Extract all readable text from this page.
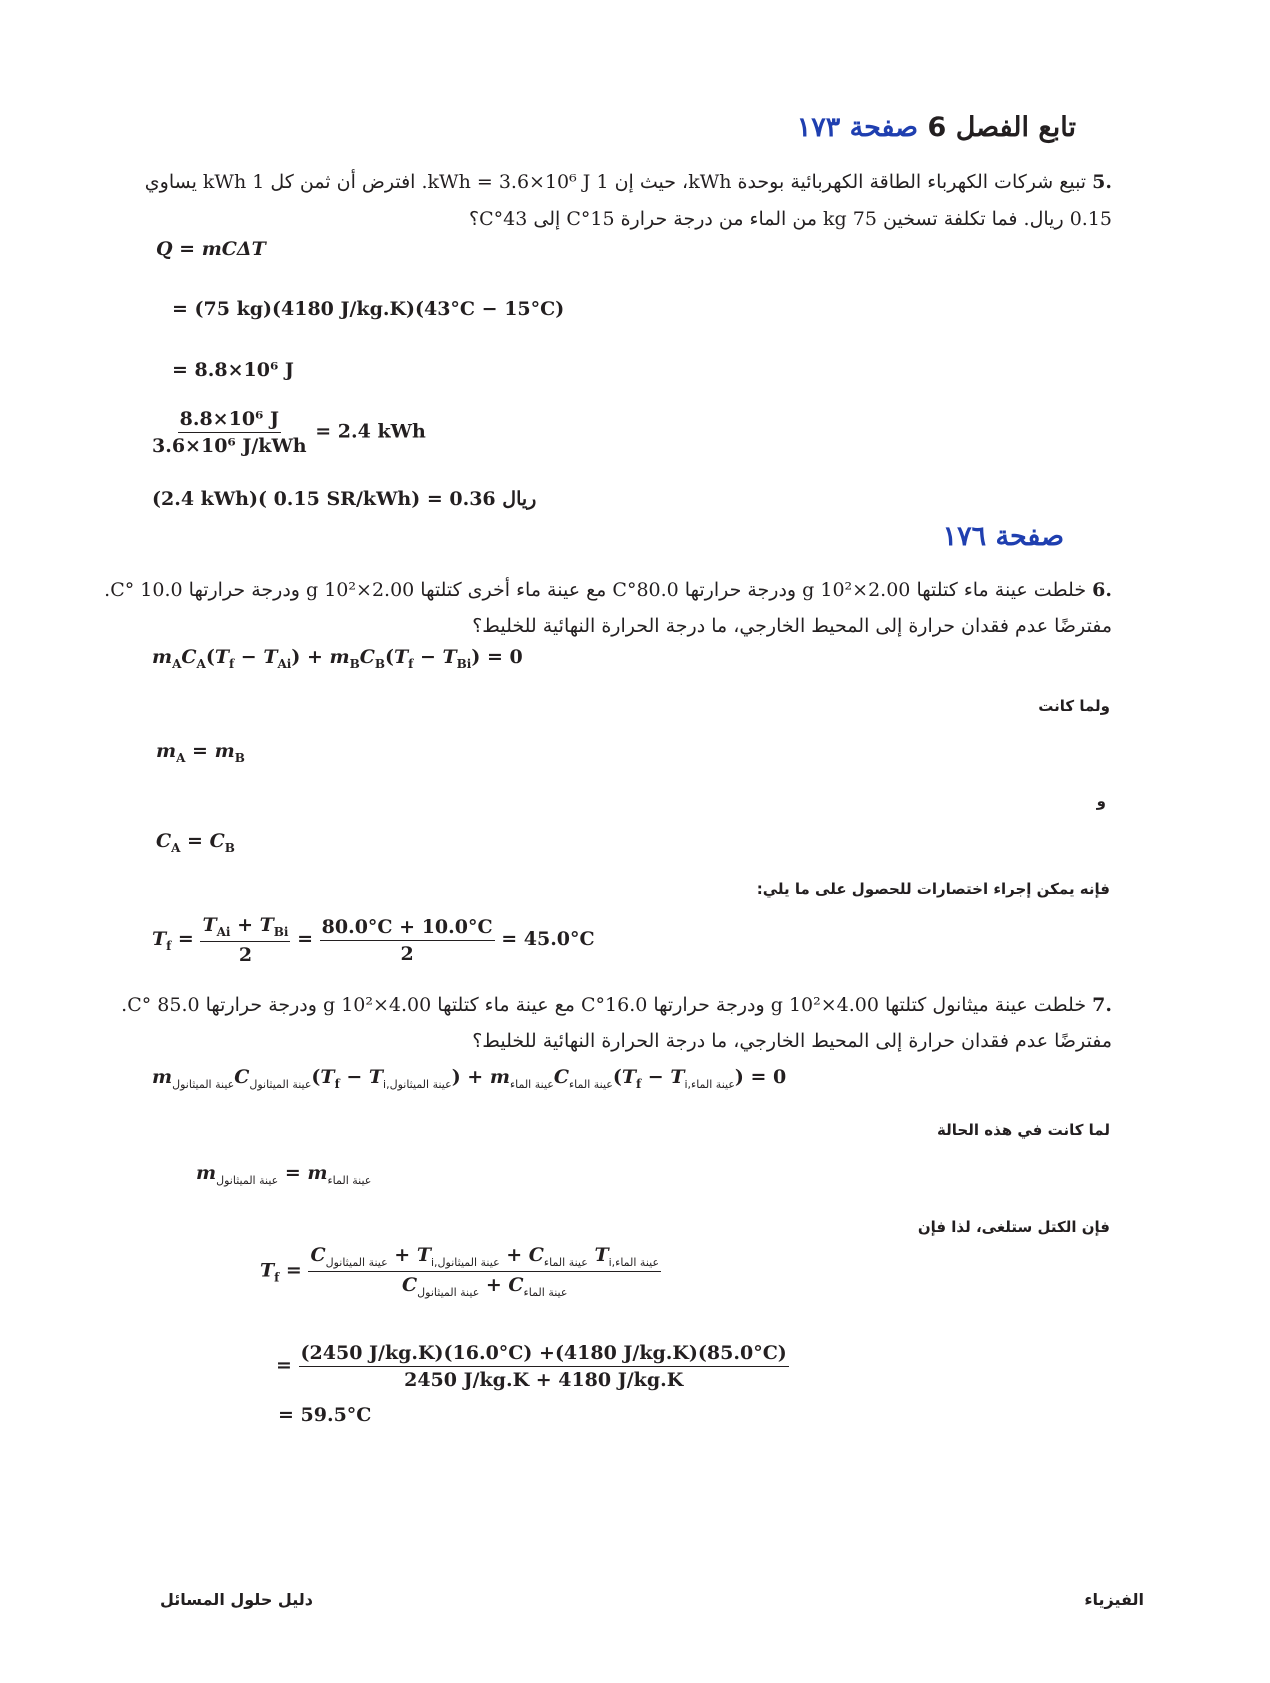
تابع الفصل 6 صفحة ١٧٣
.5 تبيع شركات الكهرباء الطاقة الكهربائية بوحدة kWh، حيث إن 1 kWh = 3.6×10⁶ J. افترض أن ثمن كل 1 kWh يساوي
0.15 ريال. فما تكلفة تسخين 75 kg من الماء من درجة حرارة 15°C إلى 43°C؟
Q = mCΔT
= (75 kg)(4180 J/kg.K)(43°C − 15°C)
= 8.8×10⁶ J
$\frac{\text{8.8×10⁶ J}}{\text{3.6×10⁶ J/kWh}} = 2.4$ kWh
(2.4 kWh)( 0.15 SR/kWh) = 0.36 ريال
صفحة ١٧٦
.6 خلطت عينة ماء كتلتها 2.00×10² g ودرجة حرارتها 80.0°C مع عينة ماء أخرى كتلتها 2.00×10² g ودرجة حرارتها 10.0 °C.
مفترضًا عدم فقدان حرارة إلى المحيط الخارجي، ما درجة الحرارة النهائية للخليط؟
$m_AC_A(T_f - T_{Ai}) + m_BC_B(T_f - T_{Bi}) = 0$
ولما كانت
$m_A = m_B$
و
$C_A = C_B$
فإنه يمكن إجراء اختصارات للحصول على ما يلي:
$T_f = \frac{T_{Ai} + T_{Bi}}{2} = \frac{80.0^\circ C + 10.0^\circ C}{2} = 45.0^\circ C$
.7 خلطت عينة ميثانول كتلتها 4.00×10² g ودرجة حرارتها 16.0°C مع عينة ماء كتلتها 4.00×10² g ودرجة حرارتها 85.0 °C.
مفترضًا عدم فقدان حرارة إلى المحيط الخارجي، ما درجة الحرارة النهائية للخليط؟
$m_{عينة الميثانول}C_{عينة الميثانول}(T_f - T_{i,عينة الميثانول}) + m_{عينة الماء}C_{عينة الماء}(T_f - T_{i,عينة الماء}) = 0$
لما كانت في هذه الحالة
$m_{عينة الميثانول} = m_{عينة الماء}$
فإن الكتل ستلغى، لذا فإن
$T_f$ =
$C_{عينة الميثانول} + T_{i,عينة الميثانول} + C_{عينة الماء}$ $T_{i,عينة الماء}$
$C_{عينة الميثانول} + C_{عينة الماء}$
= $\frac{(2450 J/kg.K)(16.0^\circ C) +(4180 J/kg.K)(85.0^\circ C)}{2450 J/kg.K + 4180 J/kg.K}$
= 59.5°C
الفيزياء
دليل حلول المسائل
